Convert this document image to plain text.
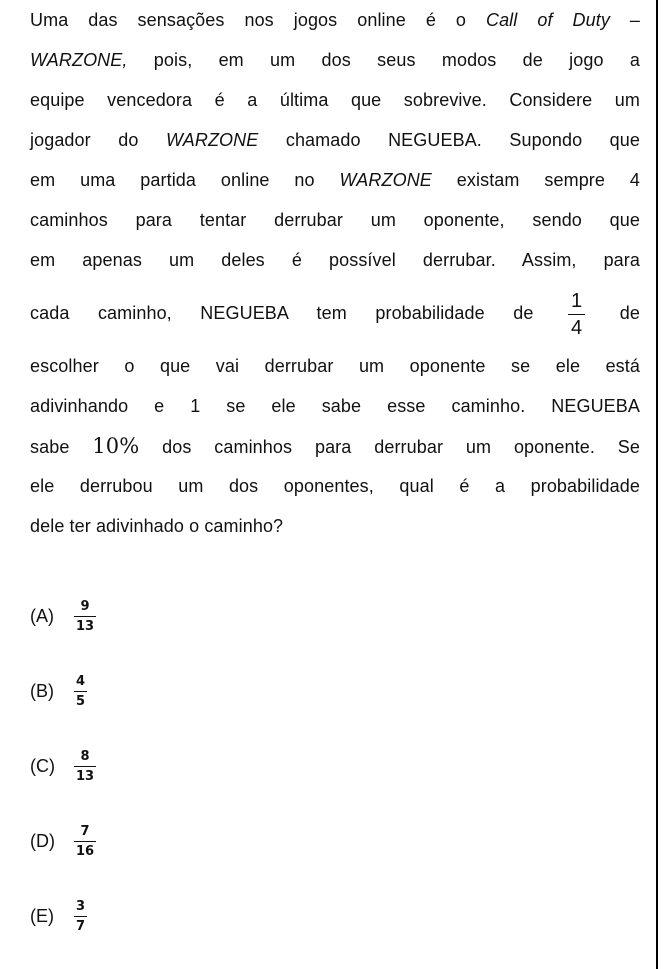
Uma das sensações nos jogos online é o Call of Duty –
WARZONE, pois, em um dos seus modos de jogo a
equipe vencedora é a última que sobrevive. Considere um
jogador do WARZONE chamado NEGUEBA. Supondo que
em uma partida online no WARZONE existam sempre 4
caminhos para tentar derrubar um oponente, sendo que
em apenas um deles é possível derrubar. Assim, para
cada caminho, NEGUEBA tem probabilidade de $\frac{1}{4}$ de
escolher o que vai derrubar um oponente se ele está
adivinhando e 1 se ele sabe esse caminho. NEGUEBA
sabe 10% dos caminhos para derrubar um oponente. Se
ele derrubou um dos oponentes, qual é a probabilidade
dele ter adivinhado o caminho?
(A)	$\frac{9}{13}$
(B)	$\frac{4}{5}$
(C)	$\frac{8}{13}$
(D)	$\frac{7}{16}$
(E)	$\frac{3}{7}$
